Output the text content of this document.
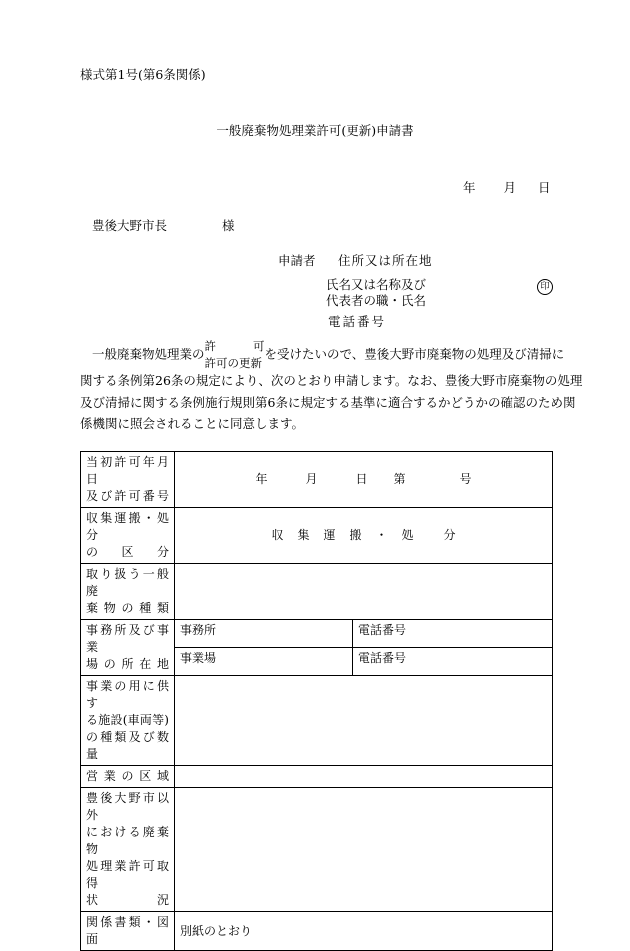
様式第1号(第6条関係)
一般廃棄物処理業許可(更新)申請書
年 月 日
豊後大野市長	様
申請者 住所又は所在地
氏名又は名称及び
代表者の職・氏名
印
電話番号
一般廃棄物処理業の
許	可
許可の更新
を受けたいので、豊後大野市廃棄物の処理及び清掃に
関する条例第26条の規定により、次のとおり申請します。なお、豊後大野市廃棄物の処理
及び清掃に関する条例施行規則第6条に規定する基準に適合するかどうかの確認のため関
係機関に照会されることに同意します。
当初許可年月日
及び許可番号	年 月 日 第 号	

収集運搬・処分
の 区 分	収 集 運 搬 ・ 処 分	

取り扱う一般廃
棄物の種類		

事務所及び事業
場の所在地	事務所	電話番号
	事業場	電話番号

事業の用に供す
る施設(車両等)
の種類及び数量		

営業の区域		

豊後大野市以外
における廃棄物
処理業許可取得
状 況		

関係書類・図面	別紙のとおり	
